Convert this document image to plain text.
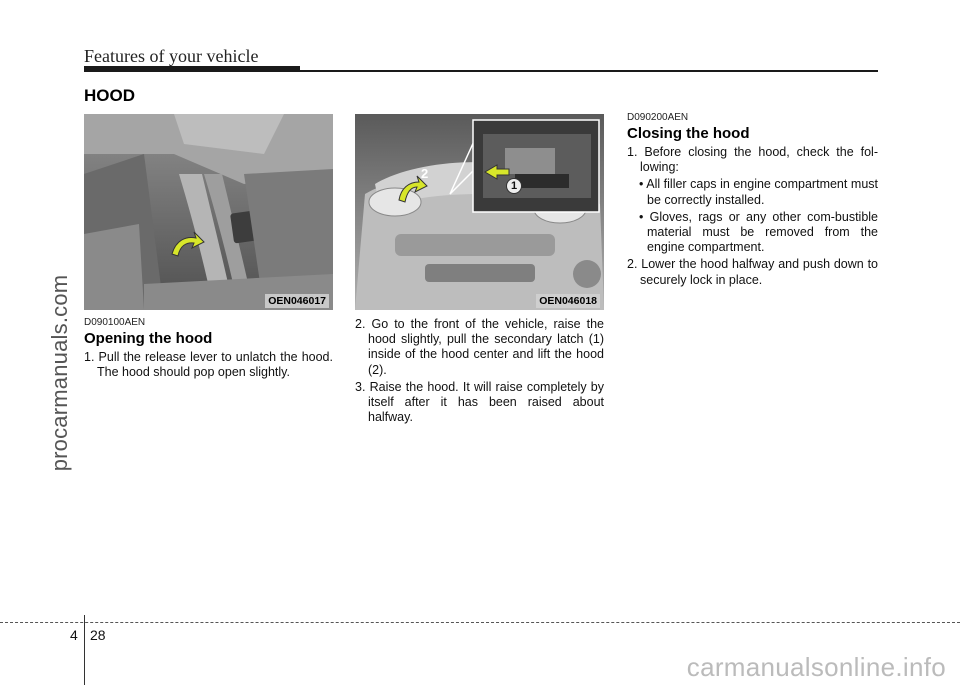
Features of your vehicle
procarmanuals.com
HOOD
OEN046017
2
1
OEN046018
D090100AEN
Opening the hood
1. Pull the release lever to unlatch the hood. The hood should pop open slightly.
2. Go to the front of the vehicle, raise the hood slightly, pull the secondary latch (1) inside of the hood center and lift the hood (2).
3. Raise the hood. It will raise completely by itself after it has been raised about halfway.
D090200AEN
Closing the hood
1. Before closing the hood, check the fol-lowing:
• All filler caps in engine compartment must be correctly installed.
• Gloves, rags or any other com-bustible material must be removed from the engine compartment.
2. Lower the hood halfway and push down to securely lock in place.
4 28
carmanualsonline.info
